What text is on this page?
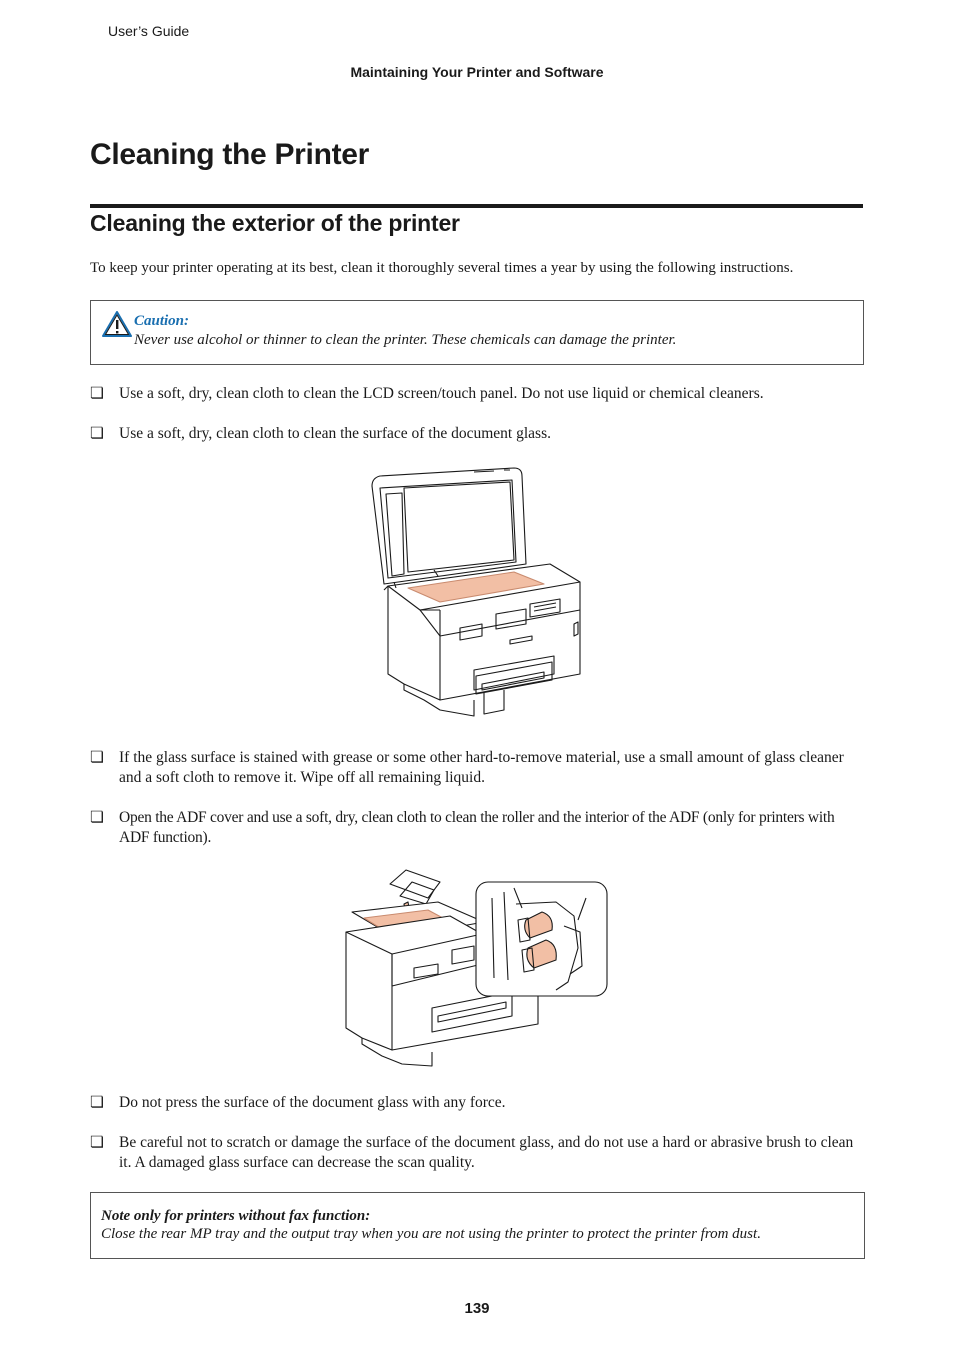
User’s Guide
Maintaining Your Printer and Software
Cleaning the Printer
Cleaning the exterior of the printer
To keep your printer operating at its best, clean it thoroughly several times a year by using the following instructions.
Caution:
Never use alcohol or thinner to clean the printer. These chemicals can damage the printer.
❏ Use a soft, dry, clean cloth to clean the LCD screen/touch panel. Do not use liquid or chemical cleaners.
❏ Use a soft, dry, clean cloth to clean the surface of the document glass.
❏ If the glass surface is stained with grease or some other hard-to-remove material, use a small amount of glass cleaner and a soft cloth to remove it. Wipe off all remaining liquid.
❏ Open the ADF cover and use a soft, dry, clean cloth to clean the roller and the interior of the ADF (only for printers with ADF function).
❏ Do not press the surface of the document glass with any force.
❏ Be careful not to scratch or damage the surface of the document glass, and do not use a hard or abrasive brush to clean it. A damaged glass surface can decrease the scan quality.
Note only for printers without fax function:
Close the rear MP tray and the output tray when you are not using the printer to protect the printer from dust.
139
